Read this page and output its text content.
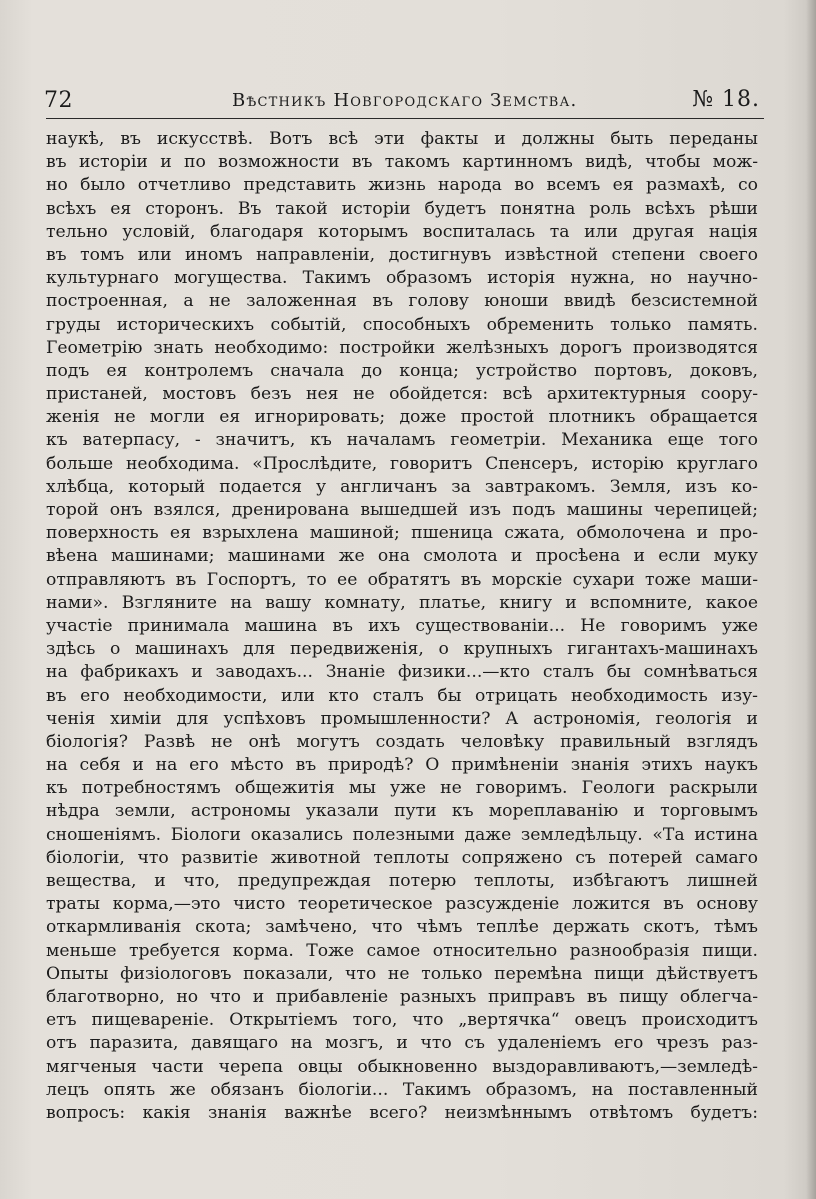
72	Вѣстникъ Новгородскаго Земства.	№ 18.
наукѣ, въ искусствѣ. Вотъ всѣ эти факты и должны быть переданы
въ исторіи и по возможности въ такомъ картинномъ видѣ, чтобы мож-
но было отчетливо представить жизнь народа во всемъ ея размахѣ, со
всѣхъ ея сторонъ. Въ такой исторіи будетъ понятна роль всѣхъ рѣши
тельно условій, благодаря которымъ воспиталась та или другая нація
въ томъ или иномъ направленіи, достигнувъ извѣстной степени своего
культурнаго могущества. Такимъ образомъ исторія нужна, но научно-
построенная, а не заложенная въ голову юноши ввидѣ безсистемной
груды историческихъ событій, способныхъ обременить только память.
Геометрію знать необходимо: постройки желѣзныхъ дорогъ производятся
подъ ея контролемъ сначала до конца; устройство портовъ, доковъ,
пристаней, мостовъ безъ нея не обойдется: всѣ архитектурныя соору-
женія не могли ея игнорировать; доже простой плотникъ обращается
къ ватерпасу, - значитъ, къ началамъ геометріи. Механика еще того
больше необходима. «Прослѣдите, говоритъ Спенсеръ, исторію круглаго
хлѣбца, который подается у англичанъ за завтракомъ. Земля, изъ ко-
торой онъ взялся, дренирована вышедшей изъ подъ машины черепицей;
поверхность ея взрыхлена машиной; пшеница сжата, обмолочена и про-
вѣена машинами; машинами же она смолота и просѣена и если муку
отправляютъ въ Госпортъ, то ее обратятъ въ морскіе сухари тоже маши-
нами». Взгляните на вашу комнату, платье, книгу и вспомните, какое
участіе принимала машина въ ихъ существованіи... Не говоримъ уже
здѣсь о машинахъ для передвиженія, о крупныхъ гигантахъ-машинахъ
на фабрикахъ и заводахъ... Знаніе физики...—кто сталъ бы сомнѣваться
въ его необходимости, или кто сталъ бы отрицать необходимость изу-
ченія химіи для успѣховъ промышленности? А астрономія, геологія и
біологія? Развѣ не онѣ могутъ создать человѣку правильный взглядъ
на себя и на его мѣсто въ природѣ? О примѣненіи знанія этихъ наукъ
къ потребностямъ общежитія мы уже не говоримъ. Геологи раскрыли
нѣдра земли, астрономы указали пути къ мореплаванію и торговымъ
сношеніямъ. Біологи оказались полезными даже земледѣльцу. «Та истина
біологіи, что развитіе животной теплоты сопряжено съ потерей самаго
вещества, и что, предупреждая потерю теплоты, избѣгаютъ лишней
траты корма,—это чисто теоретическое разсужденіе ложится въ основу
откармливанія скота; замѣчено, что чѣмъ теплѣе держать скотъ, тѣмъ
меньше требуется корма. Тоже самое относительно разнообразія пищи.
Опыты физіологовъ показали, что не только перемѣна пищи дѣйствуетъ
благотворно, но что и прибавленіе разныхъ приправъ въ пищу облегча-
етъ пищевареніе. Открытіемъ того, что „вертячка“ овецъ происходитъ
отъ паразита, давящаго на мозгъ, и что съ удаленіемъ его чрезъ раз-
мягченыя части черепа овцы обыкновенно выздоравливаютъ,—земледѣ-
лецъ опять же обязанъ біологіи... Такимъ образомъ, на поставленный
вопросъ: какія знанія важнѣе всего? неизмѣннымъ отвѣтомъ будетъ:
